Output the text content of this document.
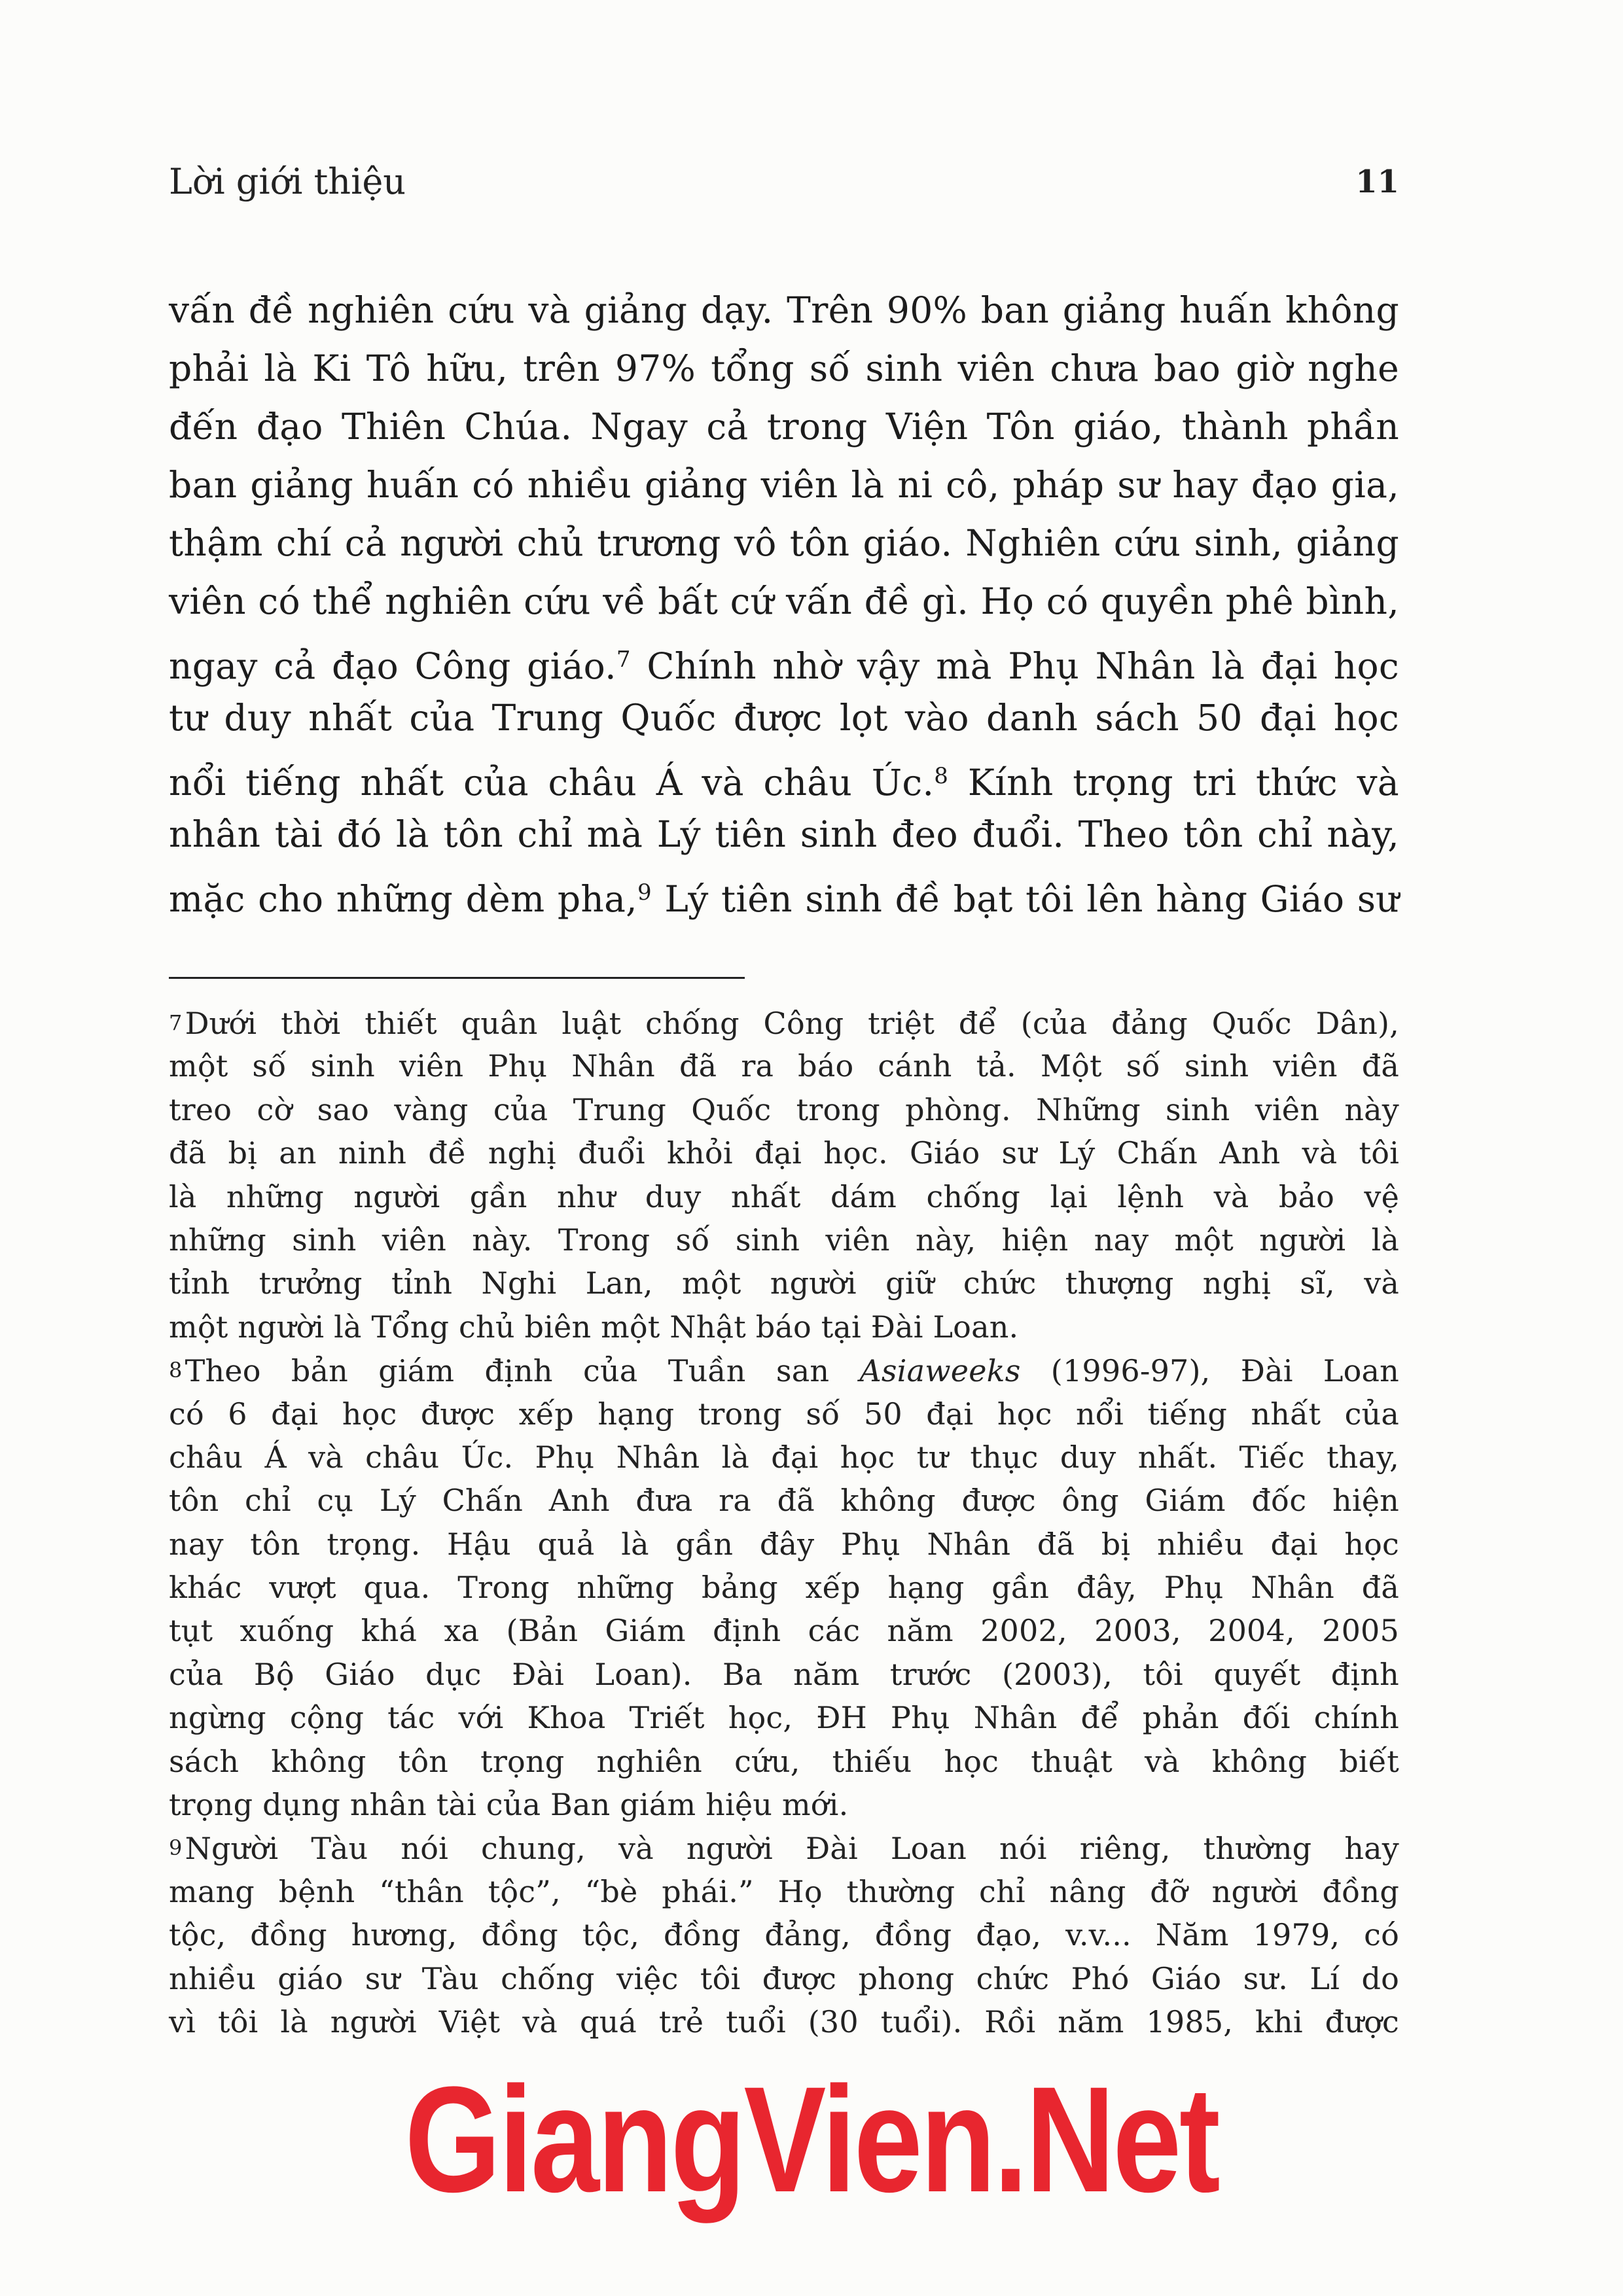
Lời giới thiệu	11
vấn đề nghiên cứu và giảng dạy. Trên 90% ban giảng huấn không
phải là Ki Tô hữu, trên 97% tổng số sinh viên chưa bao giờ nghe
đến đạo Thiên Chúa. Ngay cả trong Viện Tôn giáo, thành phần
ban giảng huấn có nhiều giảng viên là ni cô, pháp sư hay đạo gia,
thậm chí cả người chủ trương vô tôn giáo. Nghiên cứu sinh, giảng
viên có thể nghiên cứu về bất cứ vấn đề gì. Họ có quyền phê bình,
ngay cả đạo Công giáo.$^7$ Chính nhờ vậy mà Phụ Nhân là đại học
tư duy nhất của Trung Quốc được lọt vào danh sách 50 đại học
nổi tiếng nhất của châu Á và châu Úc.$^8$ Kính trọng tri thức và
nhân tài đó là tôn chỉ mà Lý tiên sinh đeo đuổi. Theo tôn chỉ này,
mặc cho những dèm pha,$^9$ Lý tiên sinh đề bạt tôi lên hàng Giáo sư
7Dưới thời thiết quân luật chống Công triệt để (của đảng Quốc Dân),
một số sinh viên Phụ Nhân đã ra báo cánh tả. Một số sinh viên đã
treo cờ sao vàng của Trung Quốc trong phòng. Những sinh viên này
đã bị an ninh đề nghị đuổi khỏi đại học. Giáo sư Lý Chấn Anh và tôi
là những người gần như duy nhất dám chống lại lệnh và bảo vệ
những sinh viên này. Trong số sinh viên này, hiện nay một người là
tỉnh trưởng tỉnh Nghi Lan, một người giữ chức thượng nghị sĩ, và
một người là Tổng chủ biên một Nhật báo tại Đài Loan.
8Theo bản giám định của Tuần san Asiaweeks (1996-97), Đài Loan
có 6 đại học được xếp hạng trong số 50 đại học nổi tiếng nhất của
châu Á và châu Úc. Phụ Nhân là đại học tư thục duy nhất. Tiếc thay,
tôn chỉ cụ Lý Chấn Anh đưa ra đã không được ông Giám đốc hiện
nay tôn trọng. Hậu quả là gần đây Phụ Nhân đã bị nhiều đại học
khác vượt qua. Trong những bảng xếp hạng gần đây, Phụ Nhân đã
tụt xuống khá xa (Bản Giám định các năm 2002, 2003, 2004, 2005
của Bộ Giáo dục Đài Loan). Ba năm trước (2003), tôi quyết định
ngừng cộng tác với Khoa Triết học, ĐH Phụ Nhân để phản đối chính
sách không tôn trọng nghiên cứu, thiếu học thuật và không biết
trọng dụng nhân tài của Ban giám hiệu mới.
9Người Tàu nói chung, và người Đài Loan nói riêng, thường hay
mang bệnh “thân tộc”, “bè phái.” Họ thường chỉ nâng đỡ người đồng
tộc, đồng hương, đồng tộc, đồng đảng, đồng đạo, v.v... Năm 1979, có
nhiều giáo sư Tàu chống việc tôi được phong chức Phó Giáo sư. Lí do
vì tôi là người Việt và quá trẻ tuổi (30 tuổi). Rồi năm 1985, khi được
GiangVien.Net
